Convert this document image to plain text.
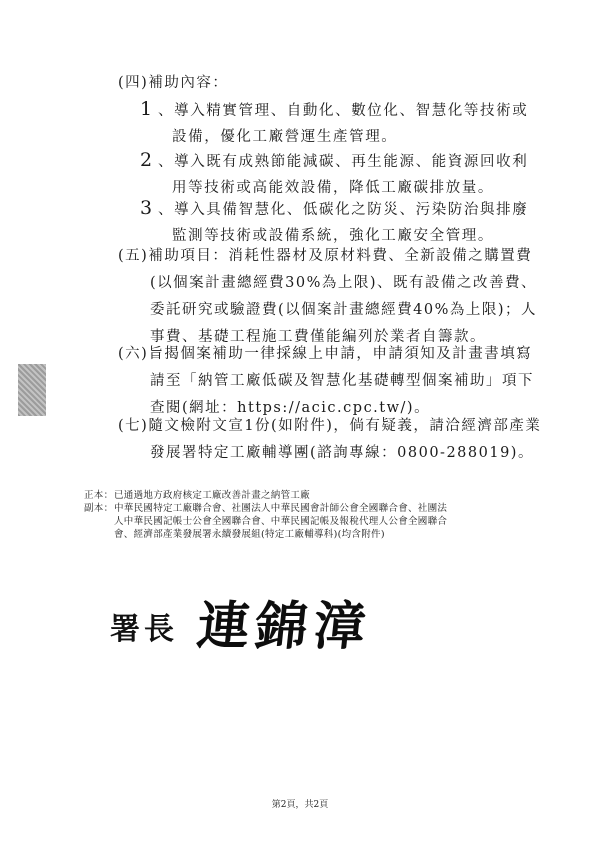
(四)補助內容：
1 、導入精實管理、自動化、數位化、智慧化等技術或
設備，優化工廠營運生產管理。
2 、導入既有成熟節能減碳、再生能源、能資源回收利
用等技術或高能效設備，降低工廠碳排放量。
3 、導入具備智慧化、低碳化之防災、污染防治與排廢
監測等技術或設備系統，強化工廠安全管理。
(五)補助項目：消耗性器材及原材料費、全新設備之購置費
(以個案計畫總經費30%為上限)、既有設備之改善費、
委託研究或驗證費(以個案計畫總經費40%為上限)；人
事費、基礎工程施工費僅能編列於業者自籌款。
(六)旨揭個案補助一律採線上申請，申請須知及計畫書填寫
請至「納管工廠低碳及智慧化基礎轉型個案補助」項下
查閱(網址：https://acic.cpc.tw/)。
(七)隨文檢附文宣1份(如附件)，倘有疑義，請洽經濟部產業
發展署特定工廠輔導團(諮詢專線：0800-288019)。
正本：已通過地方政府核定工廠改善計畫之納管工廠
副本：中華民國特定工廠聯合會、社團法人中華民國會計師公會全國聯合會、社團法
人中華民國記帳士公會全國聯合會、中華民國記帳及報稅代理人公會全國聯合
會、經濟部產業發展署永續發展組(特定工廠輔導科)(均含附件)
署長 連錦漳
第2頁，共2頁
